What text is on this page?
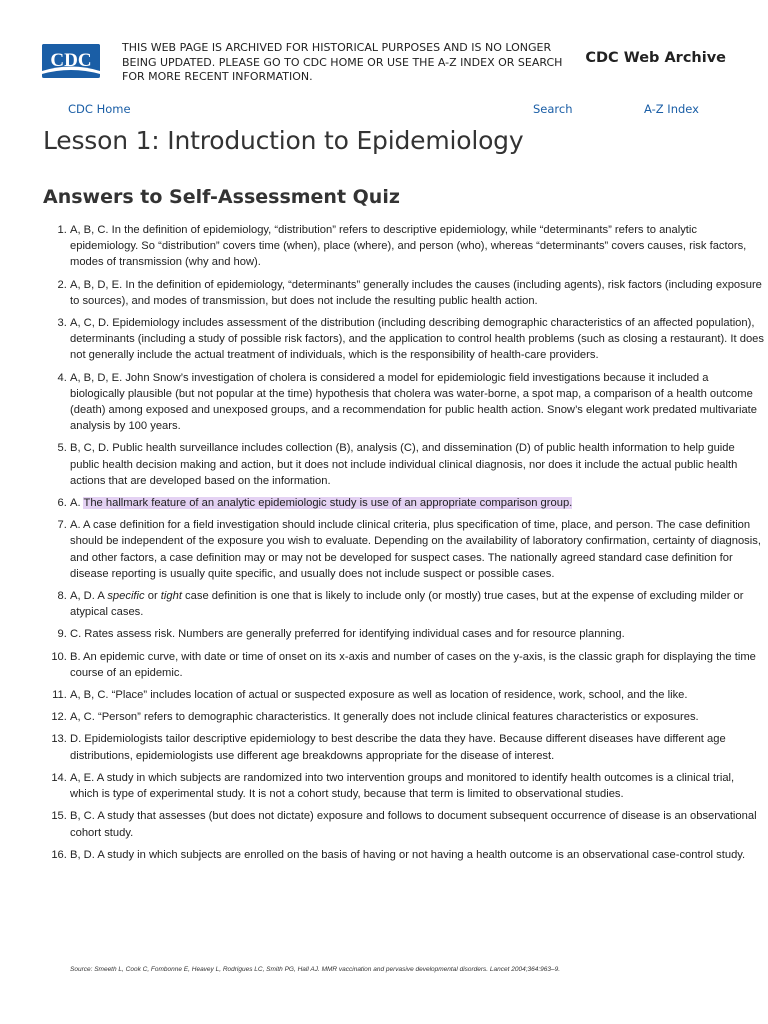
CDC
THIS WEB PAGE IS ARCHIVED FOR HISTORICAL PURPOSES AND IS NO LONGER BEING UPDATED. PLEASE GO TO CDC HOME OR USE THE A-Z INDEX OR SEARCH FOR MORE RECENT INFORMATION.
CDC Web Archive
CDC Home	Search	A-Z Index
Lesson 1: Introduction to Epidemiology
Answers to Self-Assessment Quiz
1. A, B, C. In the definition of epidemiology, “distribution” refers to descriptive epidemiology, while “determinants” refers to analytic epidemiology. So “distribution” covers time (when), place (where), and person (who), whereas “determinants” covers causes, risk factors, modes of transmission (why and how).
2. A, B, D, E. In the definition of epidemiology, “determinants” generally includes the causes (including agents), risk factors (including exposure to sources), and modes of transmission, but does not include the resulting public health action.
3. A, C, D. Epidemiology includes assessment of the distribution (including describing demographic characteristics of an affected population), determinants (including a study of possible risk factors), and the application to control health problems (such as closing a restaurant). It does not generally include the actual treatment of individuals, which is the responsibility of health-care providers.
4. A, B, D, E. John Snow’s investigation of cholera is considered a model for epidemiologic field investigations because it included a biologically plausible (but not popular at the time) hypothesis that cholera was water-borne, a spot map, a comparison of a health outcome (death) among exposed and unexposed groups, and a recommendation for public health action. Snow’s elegant work predated multivariate analysis by 100 years.
5. B, C, D. Public health surveillance includes collection (B), analysis (C), and dissemination (D) of public health information to help guide public health decision making and action, but it does not include individual clinical diagnosis, nor does it include the actual public health actions that are developed based on the information.
6. A. The hallmark feature of an analytic epidemiologic study is use of an appropriate comparison group.
7. A. A case definition for a field investigation should include clinical criteria, plus specification of time, place, and person. The case definition should be independent of the exposure you wish to evaluate. Depending on the availability of laboratory confirmation, certainty of diagnosis, and other factors, a case definition may or may not be developed for suspect cases. The nationally agreed standard case definition for disease reporting is usually quite specific, and usually does not include suspect or possible cases.
8. A, D. A specific or tight case definition is one that is likely to include only (or mostly) true cases, but at the expense of excluding milder or atypical cases.
9. C. Rates assess risk. Numbers are generally preferred for identifying individual cases and for resource planning.
10. B. An epidemic curve, with date or time of onset on its x-axis and number of cases on the y-axis, is the classic graph for displaying the time course of an epidemic.
11. A, B, C. “Place” includes location of actual or suspected exposure as well as location of residence, work, school, and the like.
12. A, C. “Person” refers to demographic characteristics. It generally does not include clinical features characteristics or exposures.
13. D. Epidemiologists tailor descriptive epidemiology to best describe the data they have. Because different diseases have different age distributions, epidemiologists use different age breakdowns appropriate for the disease of interest.
14. A, E. A study in which subjects are randomized into two intervention groups and monitored to identify health outcomes is a clinical trial, which is type of experimental study. It is not a cohort study, because that term is limited to observational studies.
15. B, C. A study that assesses (but does not dictate) exposure and follows to document subsequent occurrence of disease is an observational cohort study.
16. B, D. A study in which subjects are enrolled on the basis of having or not having a health outcome is an observational case-control study.
Source: Smeeth L, Cook C, Fombonne E, Heavey L, Rodrigues LC, Smith PG, Hall AJ. MMR vaccination and pervasive developmental disorders. Lancet 2004;364:963–9.
